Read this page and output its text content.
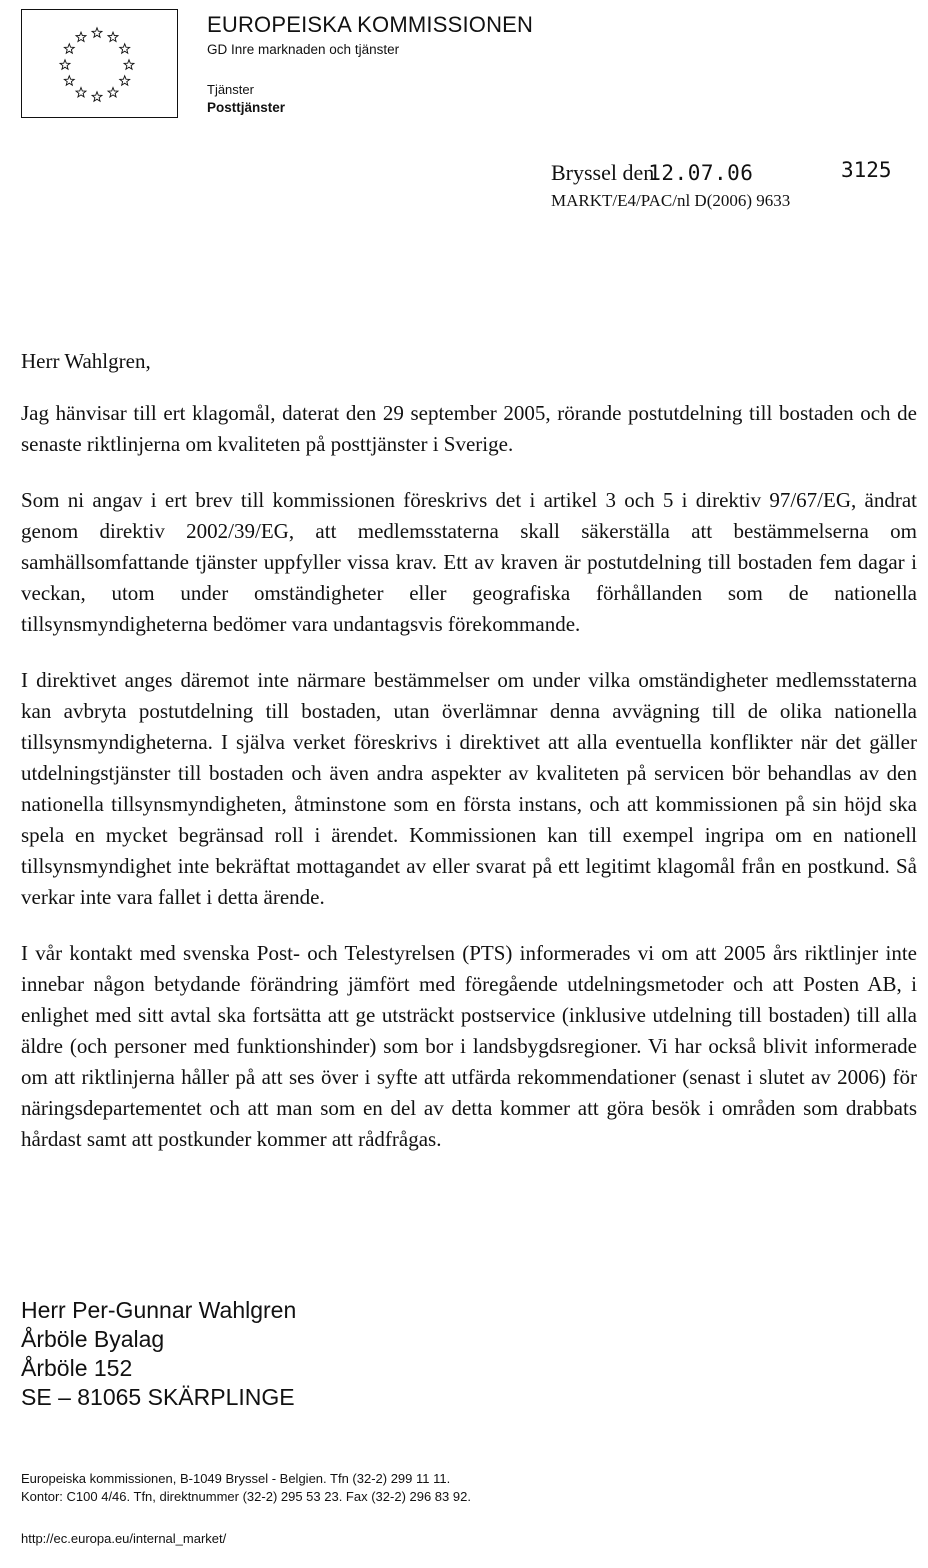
EUROPEISKA KOMMISSIONEN
GD Inre marknaden och tjänster
Tjänster
Posttjänster
Bryssel den12.07.06	3125
MARKT/E4/PAC/nl D(2006) 9633
Herr Wahlgren,

Jag hänvisar till ert klagomål, daterat den 29 september 2005, rörande postutdelning till bostaden och de senaste riktlinjerna om kvaliteten på posttjänster i Sverige.

Som ni angav i ert brev till kommissionen föreskrivs det i artikel 3 och 5 i direktiv 97/67/EG, ändrat genom direktiv 2002/39/EG, att medlemsstaterna skall säkerställa att bestämmelserna om samhällsomfattande tjänster uppfyller vissa krav. Ett av kraven är postutdelning till bostaden fem dagar i veckan, utom under omständigheter eller geografiska förhållanden som de nationella tillsynsmyndigheterna bedömer vara undantagsvis förekommande.

I direktivet anges däremot inte närmare bestämmelser om under vilka omständigheter medlemsstaterna kan avbryta postutdelning till bostaden, utan överlämnar denna avvägning till de olika nationella tillsynsmyndigheterna. I själva verket föreskrivs i direktivet att alla eventuella konflikter när det gäller utdelningstjänster till bostaden och även andra aspekter av kvaliteten på servicen bör behandlas av den nationella tillsynsmyndigheten, åtminstone som en första instans, och att kommissionen på sin höjd ska spela en mycket begränsad roll i ärendet. Kommissionen kan till exempel ingripa om en nationell tillsynsmyndighet inte bekräftat mottagandet av eller svarat på ett legitimt klagomål från en postkund. Så verkar inte vara fallet i detta ärende.

I vår kontakt med svenska Post- och Telestyrelsen (PTS) informerades vi om att 2005 års riktlinjer inte innebar någon betydande förändring jämfört med föregående utdelningsmetoder och att Posten AB, i enlighet med sitt avtal ska fortsätta att ge utsträckt postservice (inklusive utdelning till bostaden) till alla äldre (och personer med funktionshinder) som bor i landsbygdsregioner. Vi har också blivit informerade om att riktlinjerna håller på att ses över i syfte att utfärda rekommendationer (senast i slutet av 2006) för näringsdepartementet och att man som en del av detta kommer att göra besök i områden som drabbats hårdast samt att postkunder kommer att rådfrågas.

Herr Per-Gunnar Wahlgren
Årböle Byalag
Årböle 152
SE – 81065 SKÄRPLINGE
Europeiska kommissionen, B-1049 Bryssel - Belgien. Tfn (32-2) 299 11 11.
Kontor: C100 4/46. Tfn, direktnummer (32-2) 295 53 23. Fax (32-2) 296 83 92.
http://ec.europa.eu/internal_market/
